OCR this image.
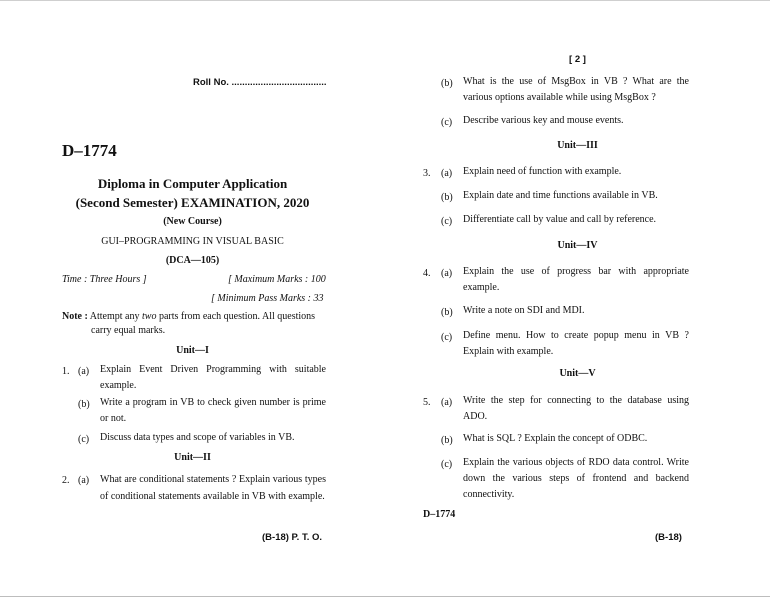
Roll No. ....................................
D–1774
Diploma in Computer Application
(Second Semester) EXAMINATION, 2020
(New Course)
GUI–PROGRAMMING IN VISUAL BASIC
(DCA—105)
Time : Three Hours ]	[ Maximum Marks : 100
[ Minimum Pass Marks : 33
Note : Attempt any two parts from each question. All questions
carry equal marks.
Unit—I
1. (a) Explain Event Driven Programming with suitable example.
(b) Write a program in VB to check given number is prime or not.
(c) Discuss data types and scope of variables in VB.
Unit—II
2. (a) What are conditional statements ? Explain various types of conditional statements available in VB with example.
(B-18) P. T. O.
[ 2 ]
(b) What is the use of MsgBox in VB ? What are the various options available while using MsgBox ?
(c) Describe various key and mouse events.
Unit—III
3. (a) Explain need of function with example.
(b) Explain date and time functions available in VB.
(c) Differentiate call by value and call by reference.
Unit—IV
4. (a) Explain the use of progress bar with appropriate example.
(b) Write a note on SDI and MDI.
(c) Define menu. How to create popup menu in VB ? Explain with example.
Unit—V
5. (a) Write the step for connecting to the database using ADO.
(b) What is SQL ? Explain the concept of ODBC.
(c) Explain the various objects of RDO data control. Write down the various steps of frontend and backend connectivity.
D–1774
(B-18)
